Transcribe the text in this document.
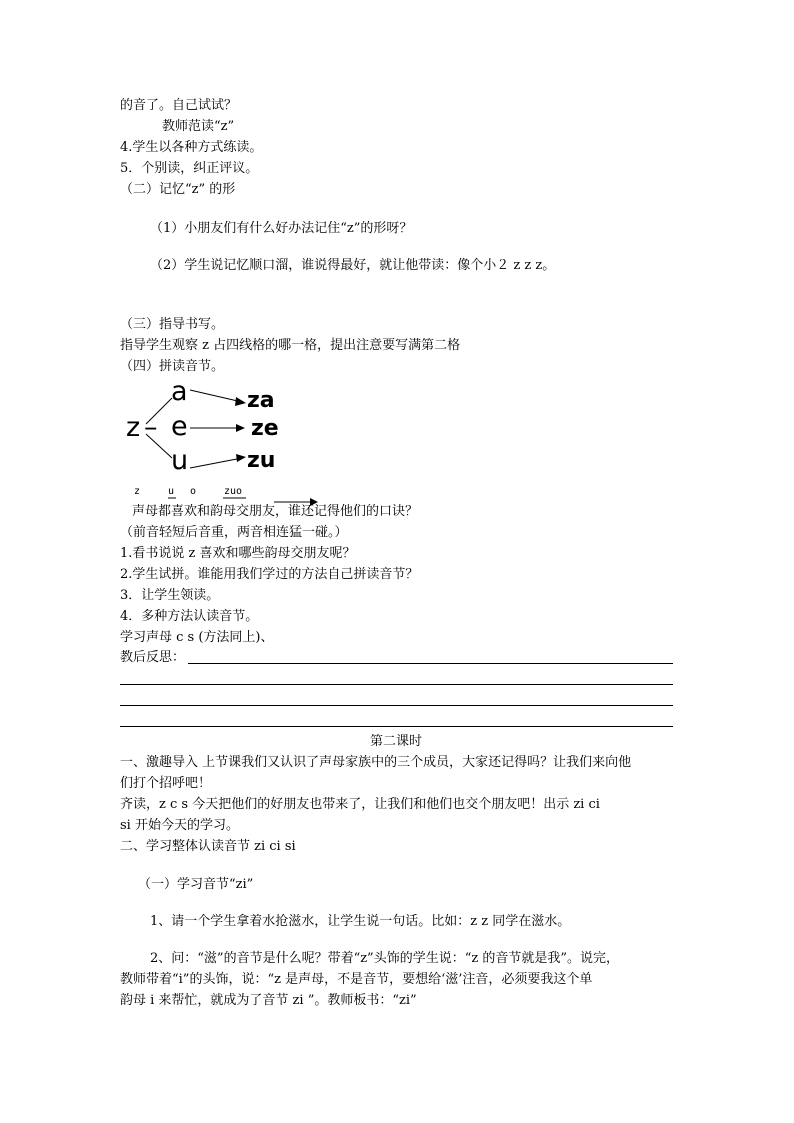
的音了。自己试试？
教师范读“z”
4.学生以各种方式练读。
5．个别读，纠正评议。
（二）记忆“z” 的形
（1）小朋友们有什么好办法记住“z”的形呀？
（2）学生说记忆顺口溜，谁说得最好，就让他带读：像个小２ z z z。
（三）指导书写。
指导学生观察 z 占四线格的哪一格，提出注意要写满第二格
（四）拼读音节。
z –
a
e
u
za
ze
zu
z	u o	zuo
声母都喜欢和韵母交朋友，谁还记得他们的口诀？
（前音轻短后音重，两音相连猛一碰。）
1.看书说说 z 喜欢和哪些韵母交朋友呢？
2.学生试拼。谁能用我们学过的方法自己拼读音节？
3．让学生领读。
4．多种方法认读音节。
学习声母 c s (方法同上)、
教后反思：
第二课时
一、激趣导入 上节课我们又认识了声母家族中的三个成员，大家还记得吗？让我们来向他
们打个招呼吧！
齐读，z c s 今天把他们的好朋友也带来了，让我们和他们也交个朋友吧！出示 zi ci
si 开始今天的学习。
二、学习整体认读音节 zi ci si
（一）学习音节“zi”
1、请一个学生拿着水抢滋水，让学生说一句话。比如：z z 同学在滋水。
2、问：“滋”的音节是什么呢？带着“z”头饰的学生说：“z 的音节就是我”。说完，
教师带着“i”的头饰，说：“z 是声母，不是音节，要想给‘滋’注音，必须要我这个单
韵母 i 来帮忙，就成为了音节 zi ”。教师板书：“zi”
